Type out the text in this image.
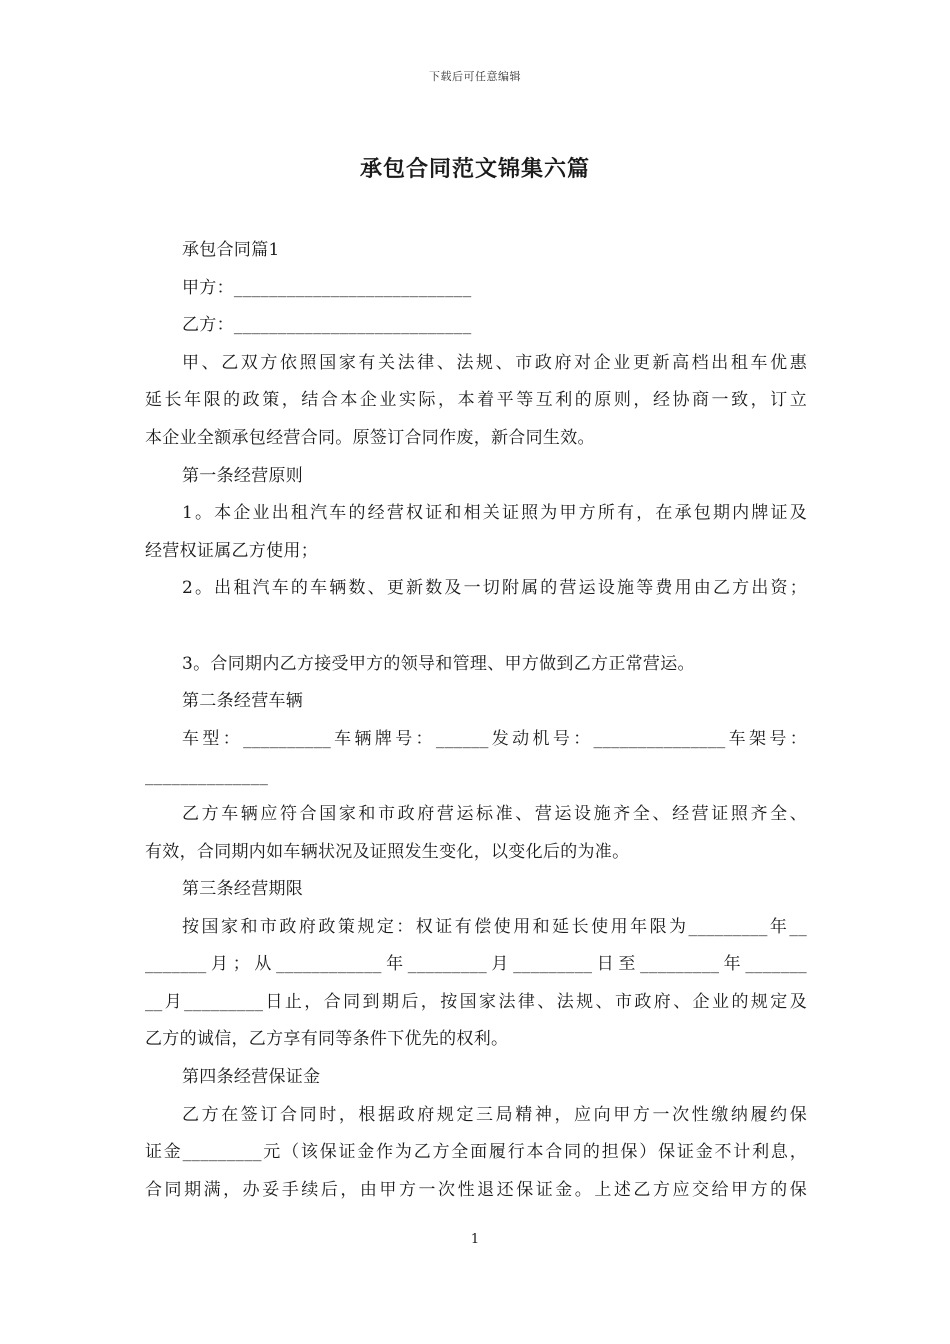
下载后可任意编辑
承包合同范文锦集六篇
承包合同篇1
甲方：___________________________
乙方：___________________________
甲、乙双方依照国家有关法律、法规、市政府对企业更新高档出租车优惠
延长年限的政策，结合本企业实际，本着平等互利的原则，经协商一致，订立
本企业全额承包经营合同。原签订合同作废，新合同生效。
第一条经营原则
1。本企业出租汽车的经营权证和相关证照为甲方所有，在承包期内牌证及
经营权证属乙方使用；
2。出租汽车的车辆数、更新数及一切附属的营运设施等费用由乙方出资；
3。合同期内乙方接受甲方的领导和管理、甲方做到乙方正常营运。
第二条经营车辆
车型：__________车辆牌号：______发动机号：_______________车架号：
______________
乙方车辆应符合国家和市政府营运标准、营运设施齐全、经营证照齐全、
有效，合同期内如车辆状况及证照发生变化，以变化后的为准。
第三条经营期限
按国家和市政府政策规定：权证有偿使用和延长使用年限为_________年__
_______月；从____________年_________月_________日至_________年_______
__月_________日止，合同到期后，按国家法律、法规、市政府、企业的规定及
乙方的诚信，乙方享有同等条件下优先的权利。
第四条经营保证金
乙方在签订合同时，根据政府规定三局精神，应向甲方一次性缴纳履约保
证金_________元（该保证金作为乙方全面履行本合同的担保）保证金不计利息，
合同期满，办妥手续后，由甲方一次性退还保证金。上述乙方应交给甲方的保
1
